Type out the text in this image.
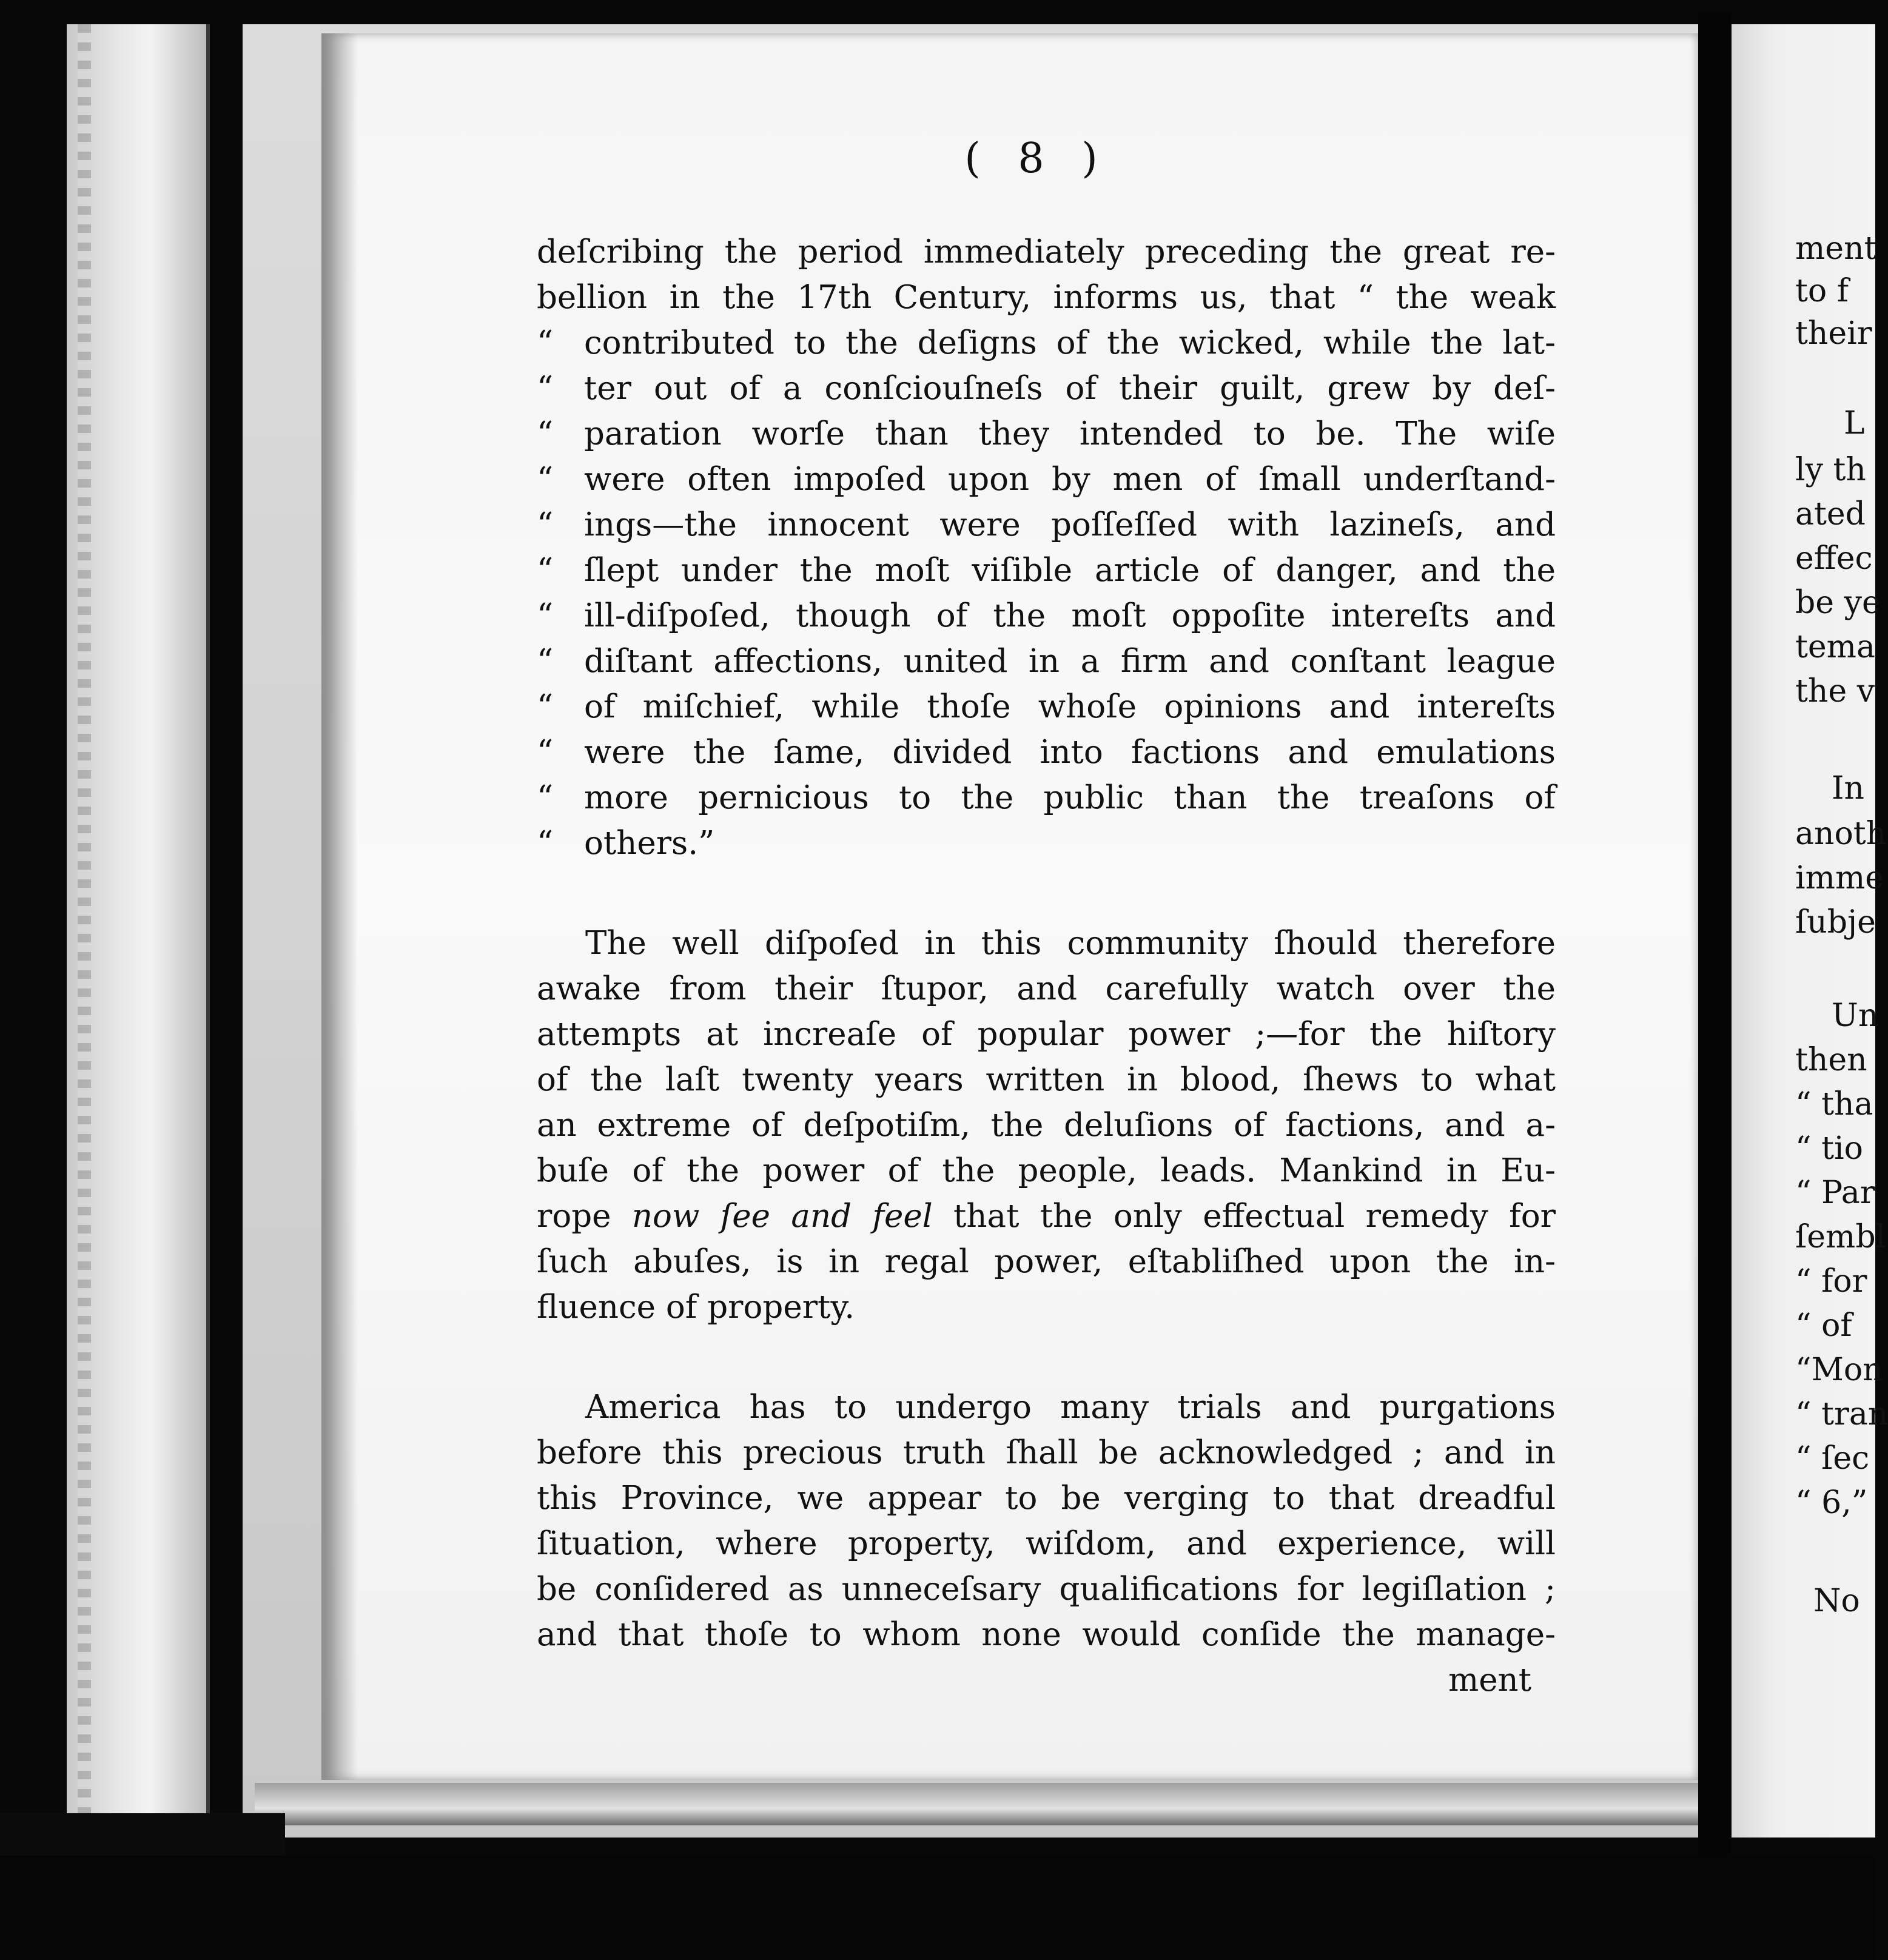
( 8 )
deſcribing the period immediately preceding the great re-
bellion in the 17th Century, informs us, that “ the weak
“ contributed to the deſigns of the wicked, while the lat-
“ ter out of a conſciouſneſs of their guilt, grew by deſ-
“ paration worſe than they intended to be. The wiſe
“ were often impoſed upon by men of ſmall underſtand-
“ ings—the innocent were poſſeſſed with lazineſs, and
“ ſlept under the moſt viſible article of danger, and the
“ ill-diſpoſed, though of the moſt oppoſite intereſts and
“ diſtant affections, united in a firm and conſtant league
“ of miſchief, while thoſe whoſe opinions and intereſts
“ were the ſame, divided into factions and emulations
“ more pernicious to the public than the treaſons of
“ others.”
The well diſpoſed in this community ſhould therefore
awake from their ſtupor, and carefully watch over the
attempts at increaſe of popular power ;—for the hiſtory
of the laſt twenty years written in blood, ſhews to what
an extreme of deſpotiſm, the deluſions of factions, and a-
buſe of the power of the people, leads. Mankind in Eu-
rope now ſee and feel that the only effectual remedy for
ſuch abuſes, is in regal power, eſtabliſhed upon the in-
fluence of property.
America has to undergo many trials and purgations
before this precious truth ſhall be acknowledged ; and in
this Province, we appear to be verging to that dreadful
ſituation, where property, wiſdom, and experience, will
be conſidered as unneceſsary qualifications for legiſlation ;
and that thoſe to whom none would conſide the manage-
ment
ment
to f
their
L
ly th
ated
effec
be ye
tema
the v
In
anoth
imme
ſubje
Un
then
“ tha
“ tio
“ Par
ſembl
“ for
“ of
“Mon
“ tran
“ ſec
“ 6,”
No
